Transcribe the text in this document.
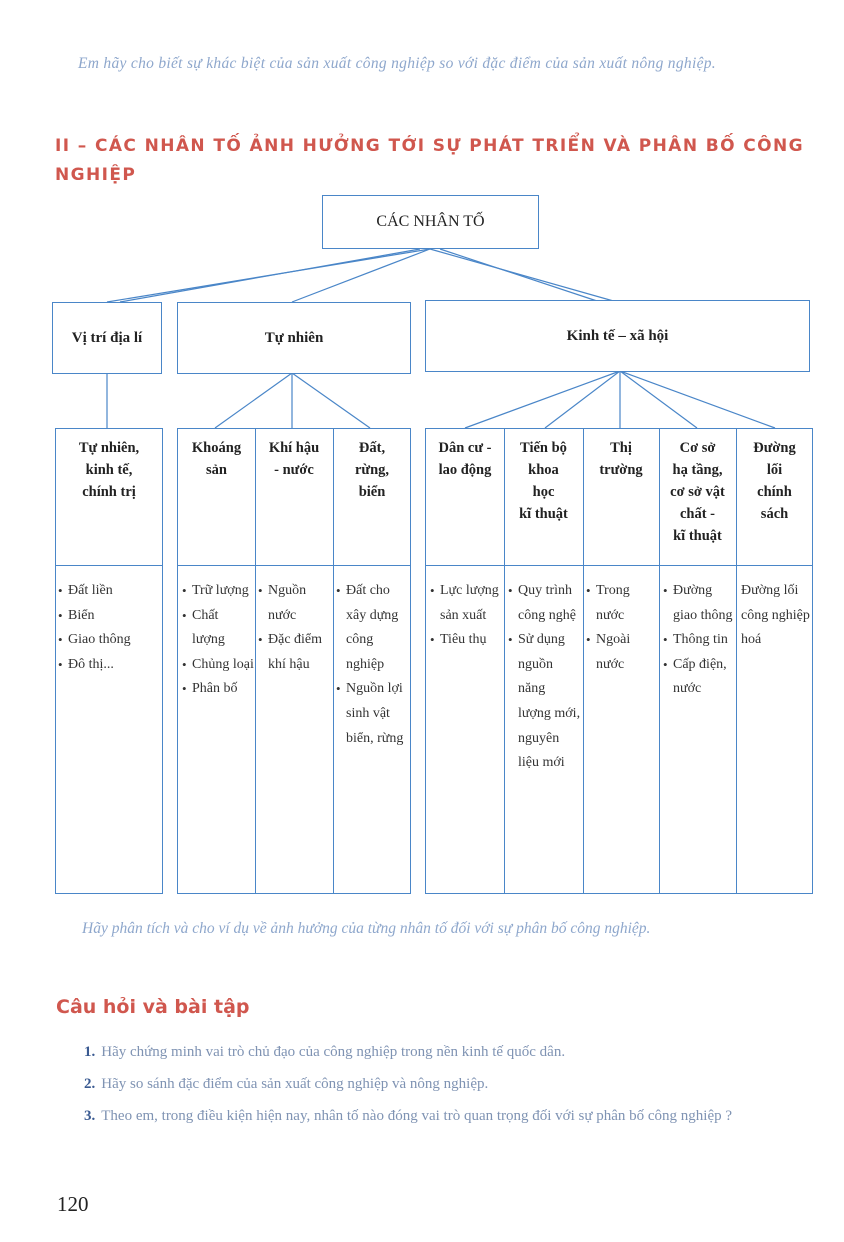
Em hãy cho biết sự khác biệt của sản xuất công nghiệp so với đặc điểm của sản xuất nông nghiệp.
II – CÁC NHÂN TỐ ẢNH HƯỞNG TỚI SỰ PHÁT TRIỂN VÀ PHÂN BỐ CÔNG NGHIỆP
CÁC NHÂN TỐ
Vị trí địa lí	Tự nhiên	Kinh tế – xã hội
Tự nhiên,
kinh tế,
chính trị
• Đất liền
• Biển
• Giao thông
• Đô thị...
Khoáng
sản
Khí hậu
- nước
Đất,
rừng,
biển
• Trữ lượng
• Chất lượng
• Chủng loại
• Phân bố
• Nguồn nước
• Đặc điểm khí hậu
• Đất cho xây dựng công nghiệp
• Nguồn lợi sinh vật biển, rừng
Dân cư -
lao động
Tiến bộ
khoa
học
kĩ thuật
Thị
trường
Cơ sở
hạ tầng,
cơ sở vật
chất -
kĩ thuật
Đường
lối
chính
sách
• Lực lượng sản xuất
• Tiêu thụ
• Quy trình công nghệ
• Sử dụng nguồn năng lượng mới, nguyên liệu mới
• Trong nước
• Ngoài nước
• Đường giao thông
• Thông tin
• Cấp điện, nước
Đường lối công nghiệp hoá
Hãy phân tích và cho ví dụ về ảnh hưởng của từng nhân tố đối với sự phân bố công nghiệp.
Câu hỏi và bài tập
1. Hãy chứng minh vai trò chủ đạo của công nghiệp trong nền kinh tế quốc dân.
2. Hãy so sánh đặc điểm của sản xuất công nghiệp và nông nghiệp.
3. Theo em, trong điều kiện hiện nay, nhân tố nào đóng vai trò quan trọng đối với sự phân bố công nghiệp ?
120
